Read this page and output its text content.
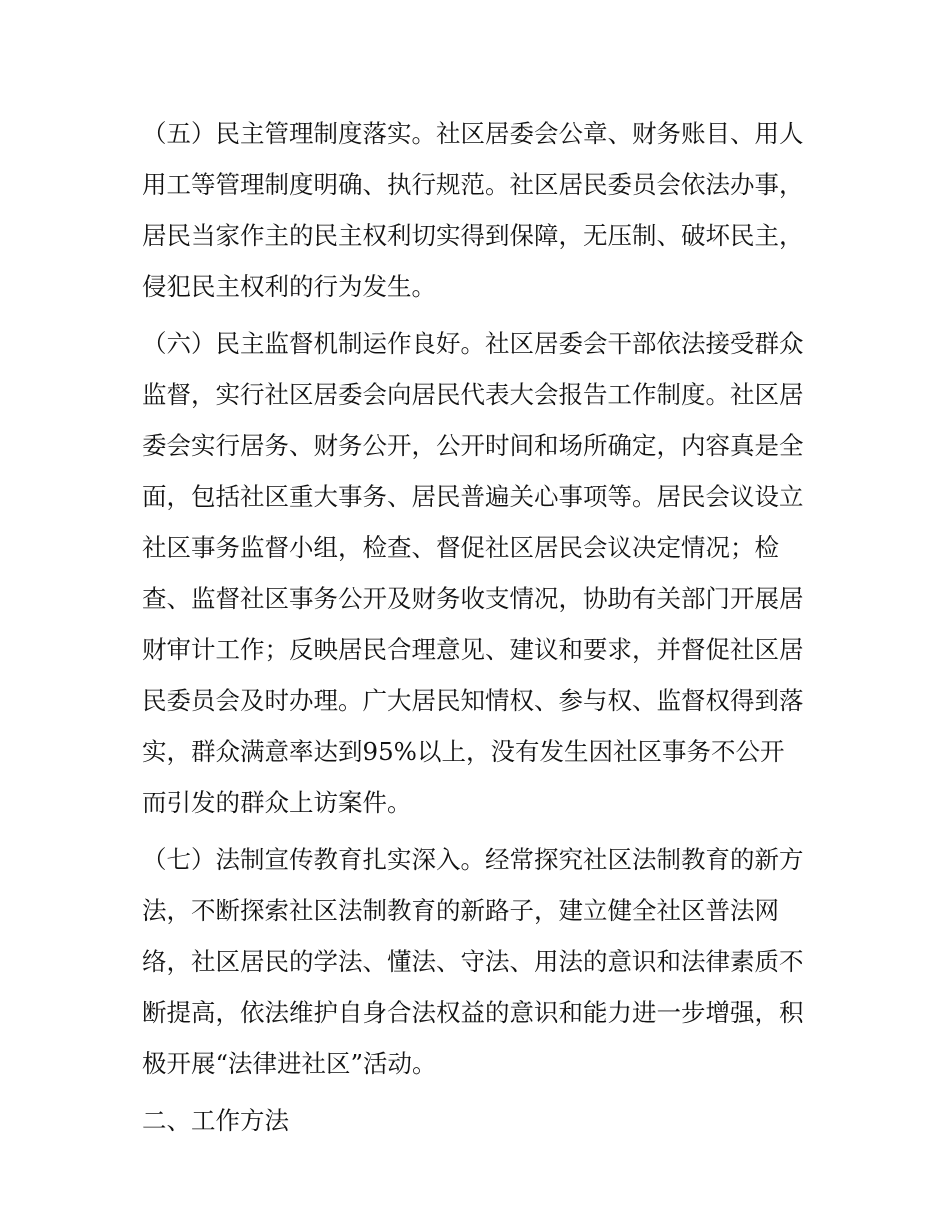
（五）民主管理制度落实。社区居委会公章、财务账目、用人
用工等管理制度明确、执行规范。社区居民委员会依法办事，
居民当家作主的民主权利切实得到保障，无压制、破坏民主，
侵犯民主权利的行为发生。
（六）民主监督机制运作良好。社区居委会干部依法接受群众
监督，实行社区居委会向居民代表大会报告工作制度。社区居
委会实行居务、财务公开，公开时间和场所确定，内容真是全
面，包括社区重大事务、居民普遍关心事项等。居民会议设立
社区事务监督小组，检查、督促社区居民会议决定情况；检
查、监督社区事务公开及财务收支情况，协助有关部门开展居
财审计工作；反映居民合理意见、建议和要求，并督促社区居
民委员会及时办理。广大居民知情权、参与权、监督权得到落
实，群众满意率达到95%以上，没有发生因社区事务不公开
而引发的群众上访案件。
（七）法制宣传教育扎实深入。经常探究社区法制教育的新方
法，不断探索社区法制教育的新路子，建立健全社区普法网
络，社区居民的学法、懂法、守法、用法的意识和法律素质不
断提高，依法维护自身合法权益的意识和能力进一步增强，积
极开展“法律进社区”活动。
二、工作方法
